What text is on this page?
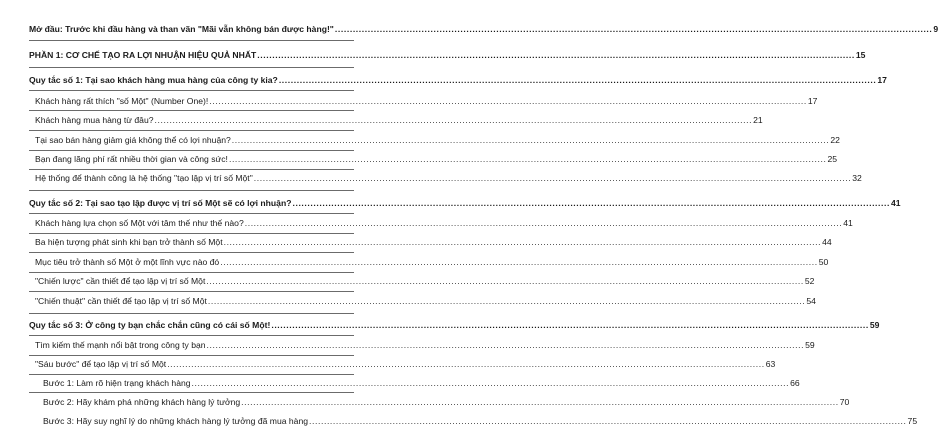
Mở đầu: Trước khi đầu hàng và than vãn "Mãi vẫn không bán được hàng!" .....	9
PHẦN 1: CƠ CHẾ TẠO RA LỢI NHUẬN HIỆU QUẢ NHẤT .....	15
Quy tắc số 1: Tại sao khách hàng mua hàng của công ty kia? .....	17
Khách hàng rất thích "số Một" (Number One)! .....	17
Khách hàng mua hàng từ đâu? .....	21
Tại sao bán hàng giảm giá không thể có lợi nhuận? .....	22
Bạn đang lãng phí rất nhiều thời gian và công sức! .....	25
Hệ thống để thành công là hệ thống "tạo lập vị trí số Một" .....	32
Quy tắc số 2: Tại sao tạo lập được vị trí số Một sẽ có lợi nhuận? .....	41
Khách hàng lựa chọn số Một với tâm thế như thế nào? .....	41
Ba hiện tượng phát sinh khi bạn trở thành số Một .....	44
Mục tiêu trở thành số Một ở một lĩnh vực nào đó .....	50
"Chiến lược" cần thiết để tạo lập vị trí số Một .....	52
"Chiến thuật" cần thiết để tạo lập vị trí số Một .....	54
Quy tắc số 3: Ở công ty bạn chắc chắn cũng có cái số Một! .....	59
Tìm kiếm thế mạnh nổi bật trong công ty bạn .....	59
"Sáu bước" để tạo lập vị trí số Một .....	63
Bước 1: Làm rõ hiện trạng khách hàng .....	66
Bước 2: Hãy khám phá những khách hàng lý tưởng .....	70
Bước 3: Hãy suy nghĩ lý do những khách hàng lý tưởng đã mua hàng .....	75
